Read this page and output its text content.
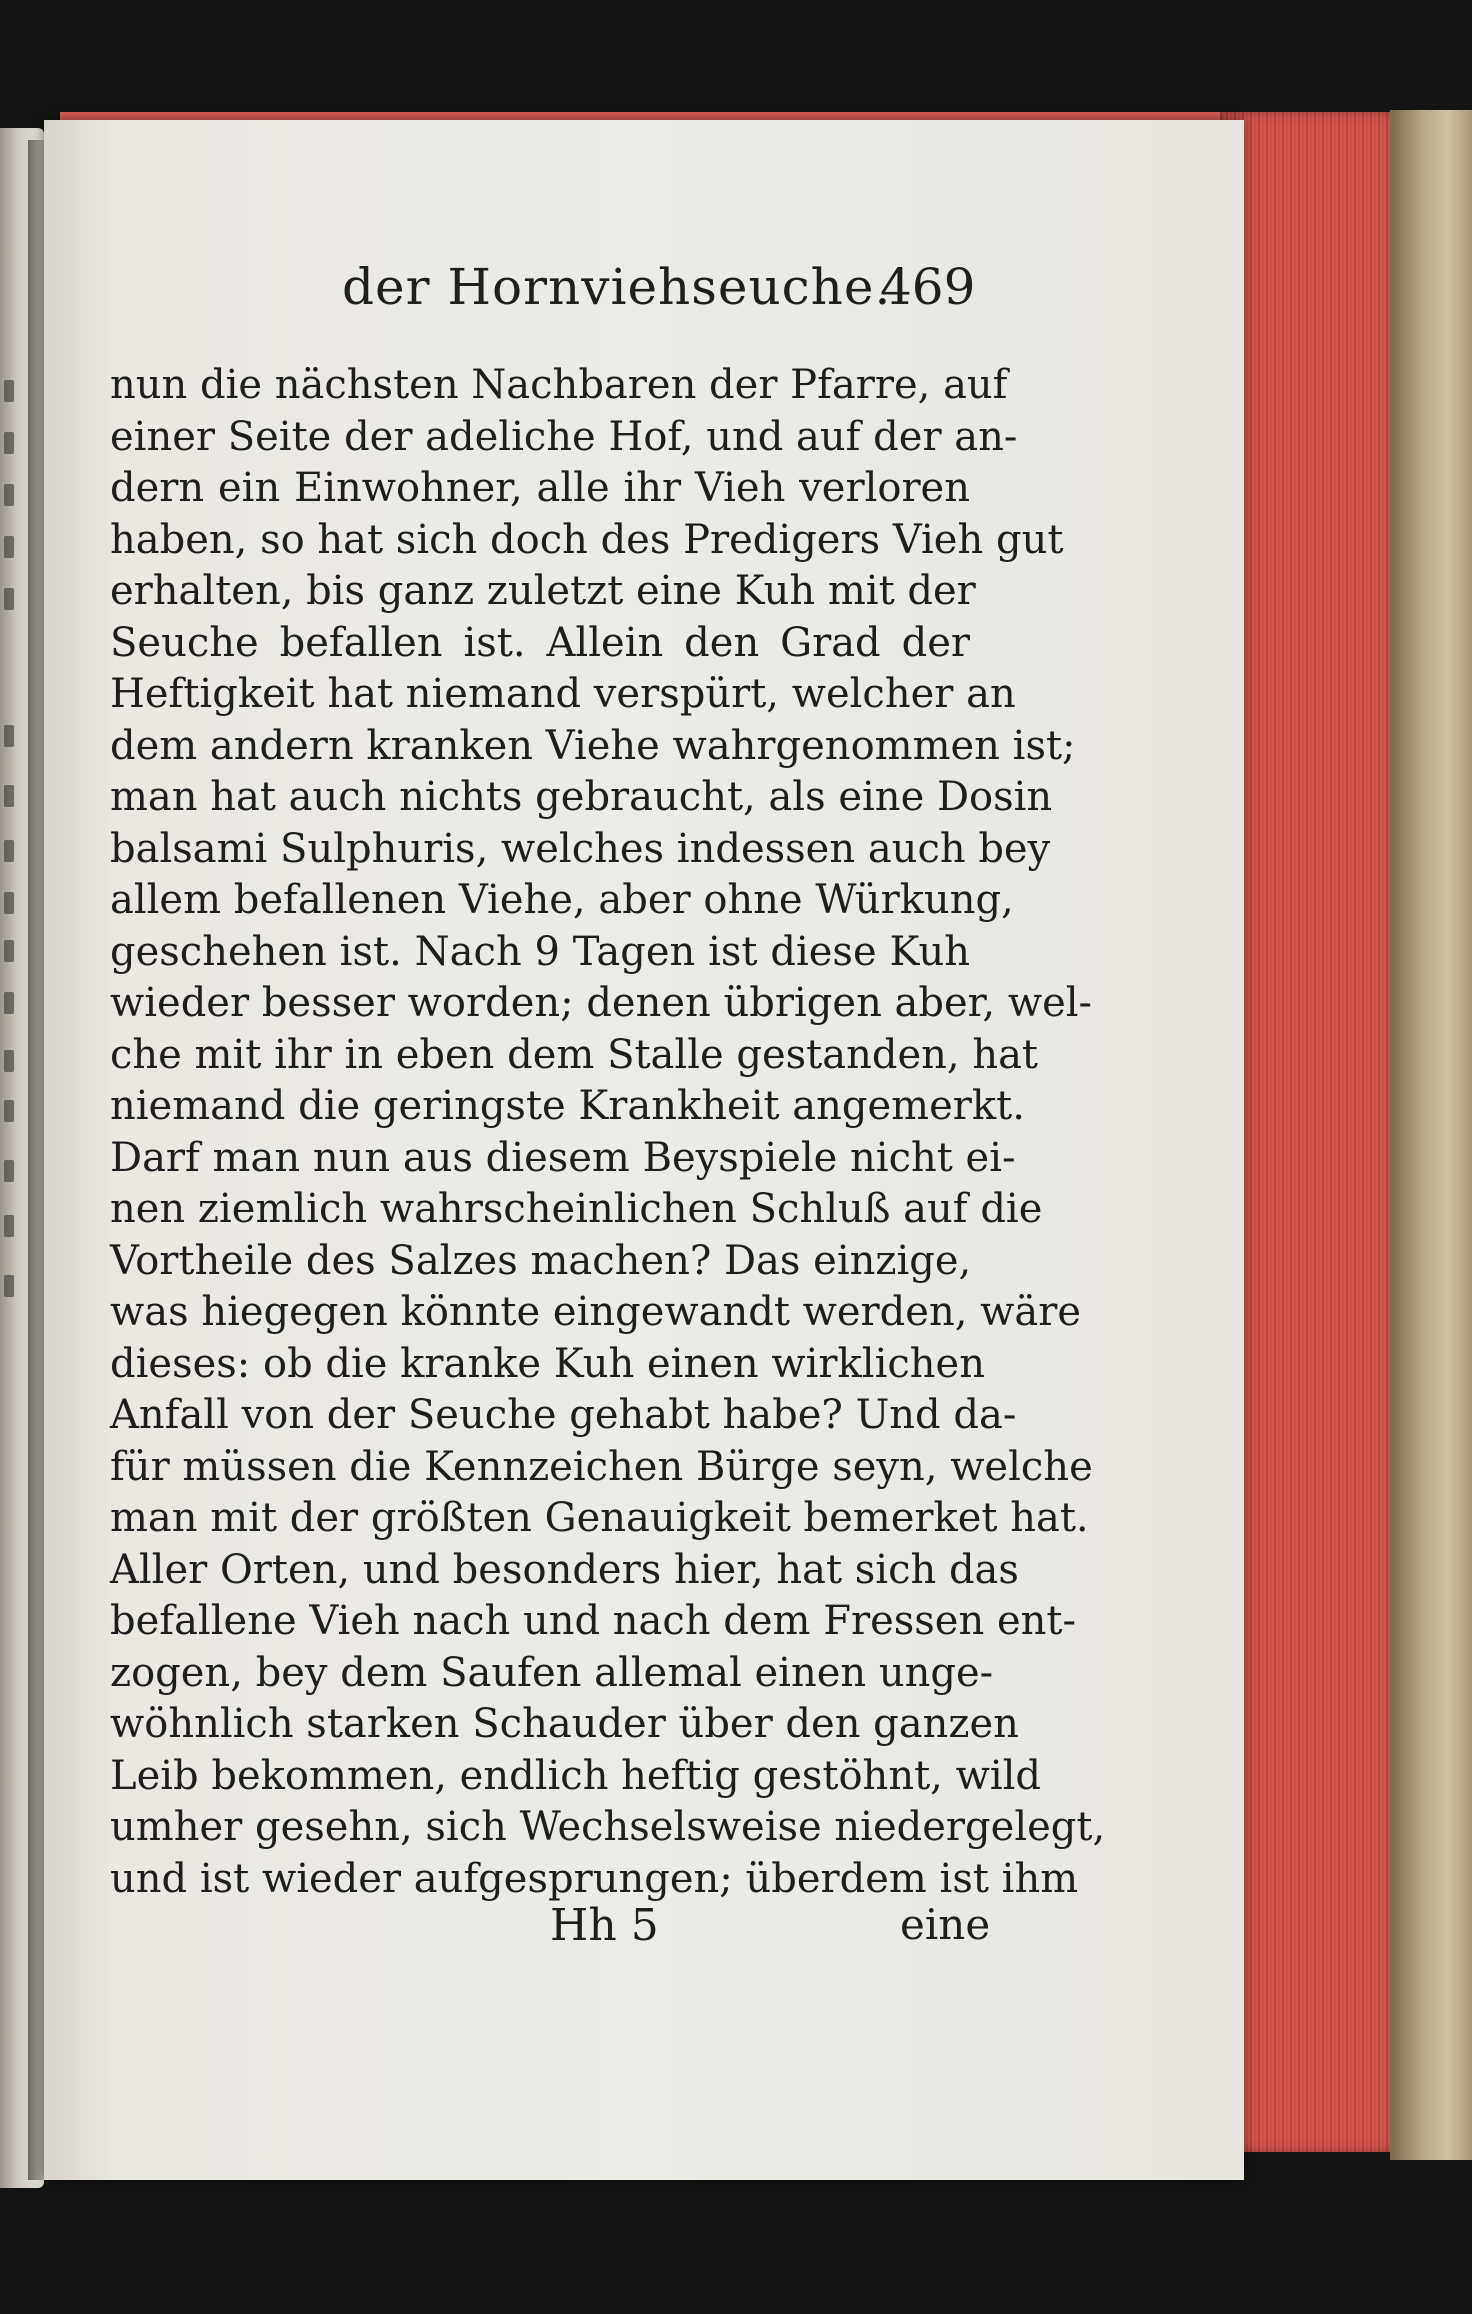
der Hornviehseuche.
469
nun die nächsten Nachbaren der Pfarre, auf
einer Seite der adeliche Hof, und auf der an-
dern ein Einwohner, alle ihr Vieh verloren
haben, so hat sich doch des Predigers Vieh gut
erhalten, bis ganz zuletzt eine Kuh mit der
Seuche befallen ist. Allein den Grad der
Heftigkeit hat niemand verspürt, welcher an
dem andern kranken Viehe wahrgenommen ist;
man hat auch nichts gebraucht, als eine Dosin
balsami Sulphuris, welches indessen auch bey
allem befallenen Viehe, aber ohne Würkung,
geschehen ist. Nach 9 Tagen ist diese Kuh
wieder besser worden; denen übrigen aber, wel-
che mit ihr in eben dem Stalle gestanden, hat
niemand die geringste Krankheit angemerkt.
Darf man nun aus diesem Beyspiele nicht ei-
nen ziemlich wahrscheinlichen Schluß auf die
Vortheile des Salzes machen? Das einzige,
was hiegegen könnte eingewandt werden, wäre
dieses: ob die kranke Kuh einen wirklichen
Anfall von der Seuche gehabt habe? Und da-
für müssen die Kennzeichen Bürge seyn, welche
man mit der größten Genauigkeit bemerket hat.
Aller Orten, und besonders hier, hat sich das
befallene Vieh nach und nach dem Fressen ent-
zogen, bey dem Saufen allemal einen unge-
wöhnlich starken Schauder über den ganzen
Leib bekommen, endlich heftig gestöhnt, wild
umher gesehn, sich Wechselsweise niedergelegt,
und ist wieder aufgesprungen; überdem ist ihm
Hh 5	eine
